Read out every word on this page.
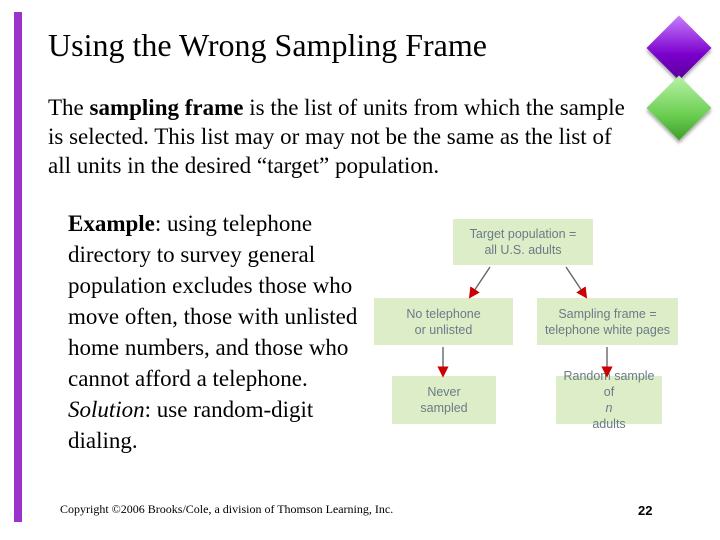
Using the Wrong Sampling Frame
The sampling frame is the list of units from which the sample is selected. This list may or may not be the same as the list of all units in the desired “target” population.
Example: using telephone directory to survey general population excludes those who move often, those with unlisted home numbers, and those who cannot afford a telephone. Solution: use random-digit dialing.
Target population =
all U.S. adults
No telephone
or unlisted
Sampling frame =
telephone white pages
Never
sampled
Random sample
of
n
adults
Copyright ©2006 Brooks/Cole, a division of Thomson Learning, Inc.	22
